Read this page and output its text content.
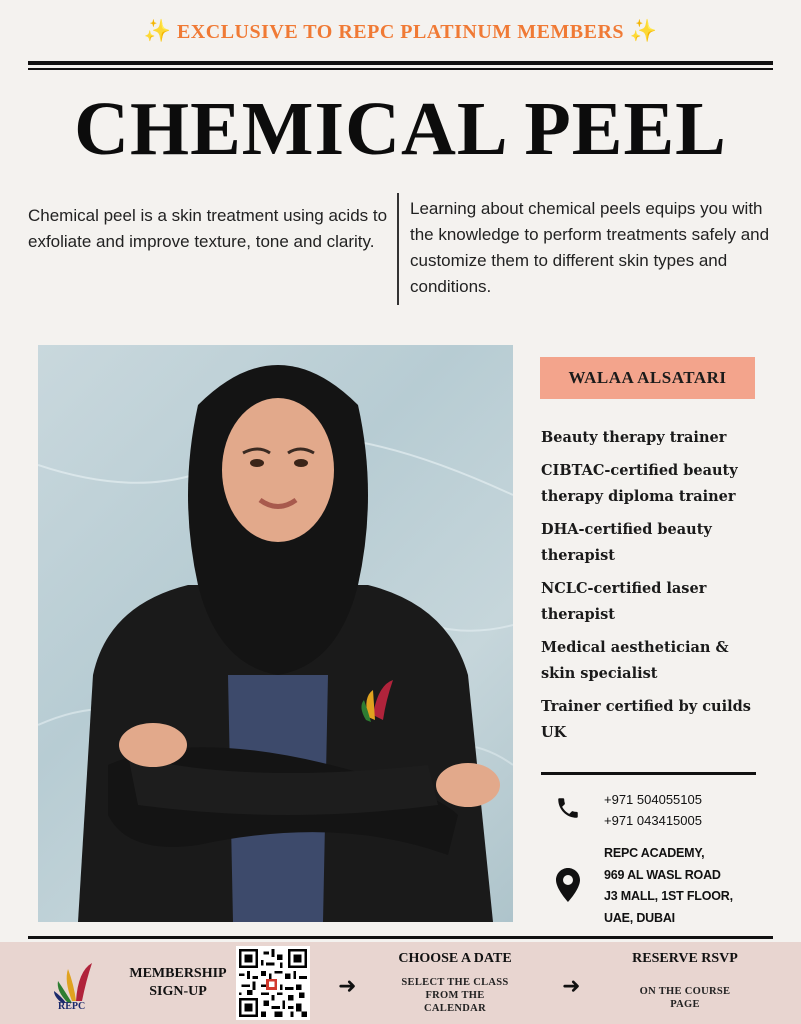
✨ EXCLUSIVE TO REPC PLATINUM MEMBERS ✨
CHEMICAL PEEL

Chemical peel is a skin treatment using acids to exfoliate and improve texture, tone and clarity.

Learning about chemical peels equips you with the knowledge to perform treatments safely and customize them to different skin types and conditions.

WALAA ALSATARI
Beauty therapy trainer
CIBTAC-certified beauty therapy diploma trainer
DHA-certified beauty therapist
NCLC-certified laser therapist
Medical aesthetician & skin specialist
Trainer certified by cuilds UK
+971 504055105
+971 043415005
REPC ACADEMY,
969 AL WASL ROAD
J3 MALL, 1ST FLOOR,
UAE, DUBAI
REPC
MEMBERSHIP
SIGN-UP	➜
CHOOSE A DATE
SELECT THE CLASS
FROM THE
CALENDAR
➜
RESERVE RSVP
ON THE COURSE
PAGE
